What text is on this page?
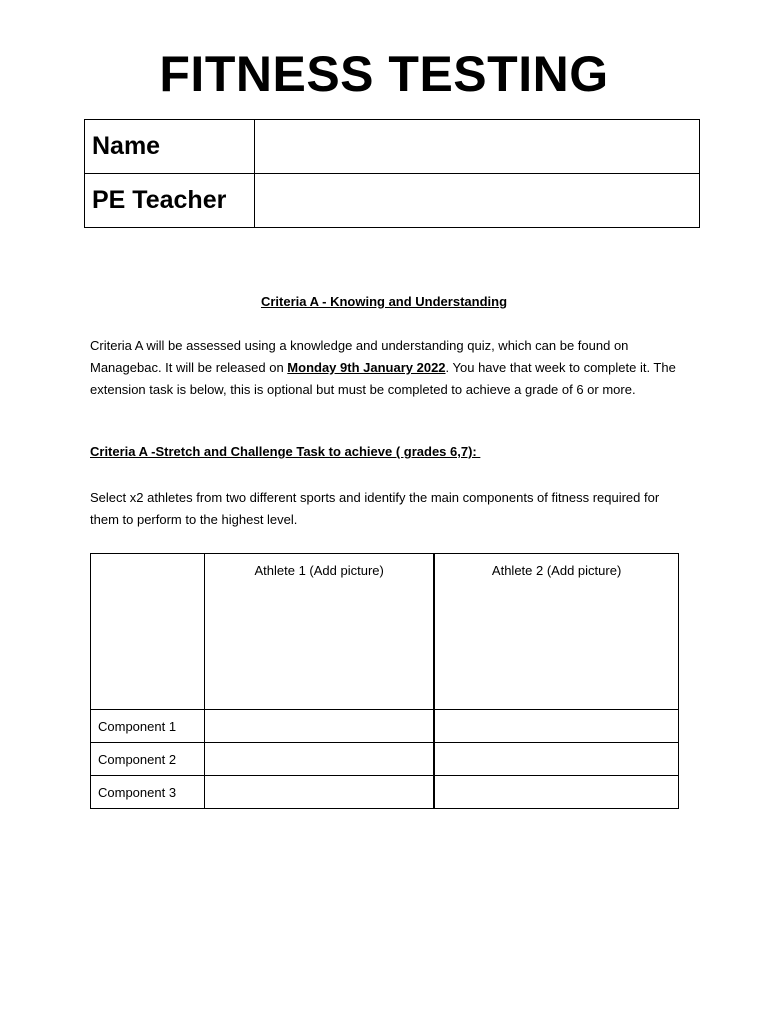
FITNESS TESTING
Name	
PE Teacher	

Criteria A - Knowing and Understanding

Criteria A will be assessed using a knowledge and understanding quiz, which can be found on Managebac. It will be released on Monday 9th January 2022. You have that week to complete it. The extension task is below, this is optional but must be completed to achieve a grade of 6 or more.

Criteria A -Stretch and Challenge Task to achieve ( grades 6,7):

Select x2 athletes from two different sports and identify the main components of fitness required for them to perform to the highest level.

	Athlete 1 (Add picture)	Athlete 2 (Add picture)
Component 1		
Component 2		
Component 3		
